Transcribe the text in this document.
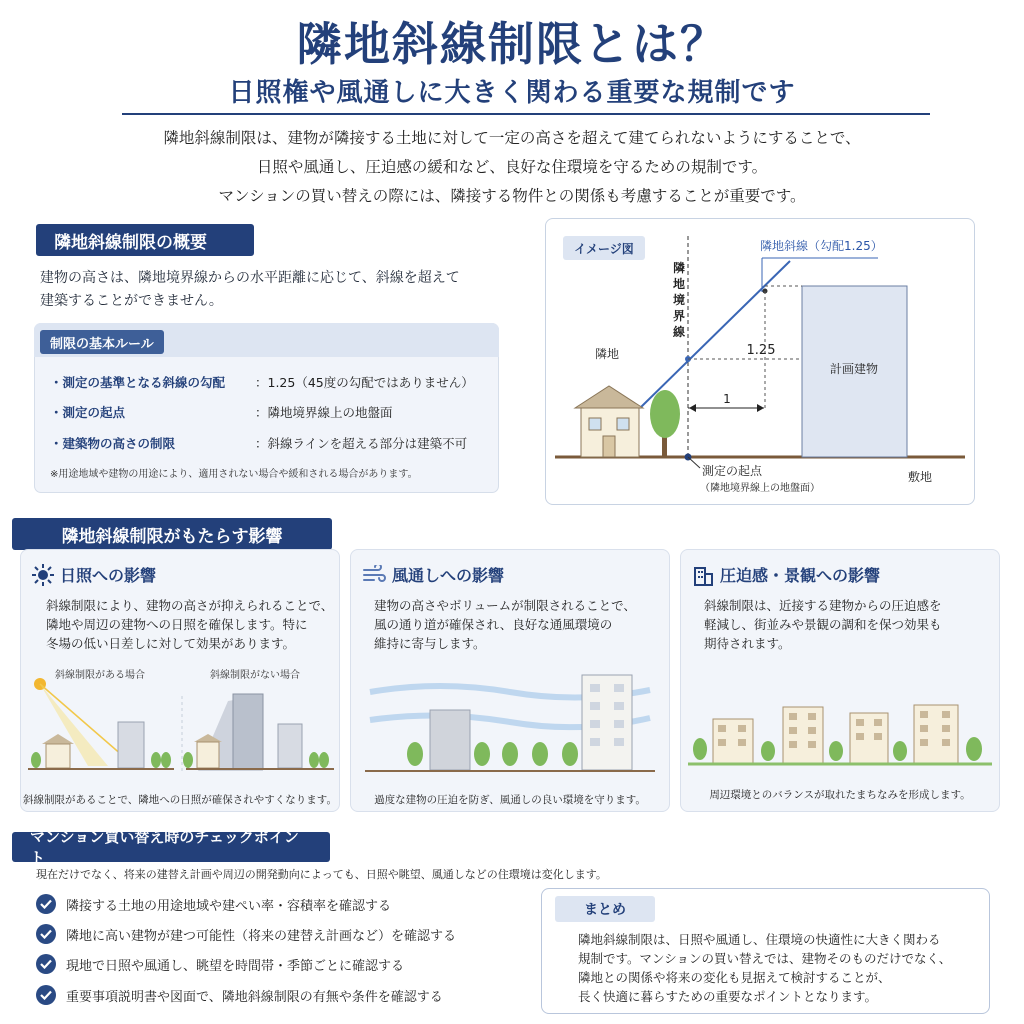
隣地斜線制限とは？
日照権や風通しに大きく関わる重要な規制です
隣地斜線制限は、建物が隣接する土地に対して一定の高さを超えて建てられないようにすることで、
日照や風通し、圧迫感の緩和など、良好な住環境を守るための規制です。
マンションの買い替えの際には、隣接する物件との関係も考慮することが重要です。
隣地斜線制限の概要
建物の高さは、隣地境界線からの水平距離に応じて、斜線を超えて
建築することができません。
制限の基本ルール
・測定の基準となる斜線の勾配	：1.25（45度の勾配ではありません）
・測定の起点	：隣地境界線上の地盤面
・建築物の高さの制限	：斜線ラインを超える部分は建築不可
※用途地域や建物の用途により、適用されない場合や緩和される場合があります。
イメージ図
隣地境界線
計画建物
1
1.25
隣地斜線（勾配1.25）
隣地
測定の起点
（隣地境界線上の地盤面）
敷地
隣地斜線制限がもたらす影響
日照への影響
斜線制限により、建物の高さが抑えられることで、
隣地や周辺の建物への日照を確保します。特に
冬場の低い日差しに対して効果があります。
斜線制限がある場合	斜線制限がない場合
斜線制限があることで、隣地への日照が確保されやすくなります。
風通しへの影響
建物の高さやボリュームが制限されることで、
風の通り道が確保され、良好な通風環境の
維持に寄与します。
過度な建物の圧迫を防ぎ、風通しの良い環境を守ります。
圧迫感・景観への影響
斜線制限は、近接する建物からの圧迫感を
軽減し、街並みや景観の調和を保つ効果も
期待されます。
周辺環境とのバランスが取れたまちなみを形成します。
マンション買い替え時のチェックポイント
現在だけでなく、将来の建替え計画や周辺の開発動向によっても、日照や眺望、風通しなどの住環境は変化します。
隣接する土地の用途地域や建ぺい率・容積率を確認する
隣地に高い建物が建つ可能性（将来の建替え計画など）を確認する
現地で日照や風通し、眺望を時間帯・季節ごとに確認する
重要事項説明書や図面で、隣地斜線制限の有無や条件を確認する
まとめ
隣地斜線制限は、日照や風通し、住環境の快適性に大きく関わる
規制です。マンションの買い替えでは、建物そのものだけでなく、
隣地との関係や将来の変化も見据えて検討することが、
長く快適に暮らすための重要なポイントとなります。
